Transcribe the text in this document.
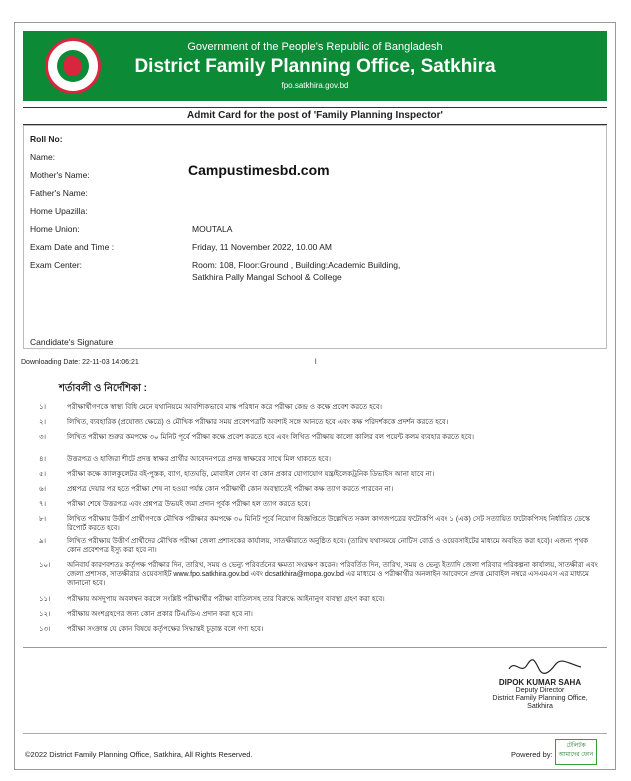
Government of the People's Republic of Bangladesh
District Family Planning Office, Satkhira
fpo.satkhira.gov.bd
Admit Card for the post of 'Family Planning Inspector'
Roll No:
Name:
Mother's Name:
Father's Name:
Home Upazilla:
Home Union:	MOUTALA
Exam Date and Time :	Friday, 11 November 2022, 10.00 AM
Exam Center:	Room: 108, Floor:Ground , Building:Academic Building,
Satkhira Pally Mangal School & College
Campustimesbd.com
Candidate's Signature
Downloading Date: 22-11-03 14:06:21	l
শর্তাবলী ও নির্দেশিকা :
১।	পরীক্ষার্থীগণকে স্বাস্থ্য বিধি মেনে যথানিয়মে আবশ্যিকভাবে মাস্ক পরিধান করে পরীক্ষা কেন্দ্র ও কক্ষে প্রবেশ করতে হবে।
২।	লিখিত, ব্যবহারিক (প্রযোজ্য ক্ষেত্রে) ও মৌখিক পরীক্ষার সময় প্রবেশপত্রটি অবশ্যই সঙ্গে আনতে হবে এবং কক্ষ পরিদর্শককে প্রদর্শন করতে হবে।
৩।	লিখিত পরীক্ষা শুরুর কমপক্ষে ৩০ মিনিট পূর্বে পরীক্ষা কক্ষে প্রবেশ করতে হবে এবং লিখিত পরীক্ষায় কালো কালির বল পয়েন্ট কলম ব্যবহার করতে হবে।
৪।	উত্তরপত্র ও হাজিরা শীটে প্রদত্ত স্বাক্ষর প্রার্থীর আবেদনপত্রে প্রদত্ত স্বাক্ষরের সাথে মিল থাকতে হবে।
৫।	পরীক্ষা কক্ষে ক্যালকুলেটর বই-পুস্তক, ব্যাগ, হাতঘড়ি, মোবাইল ফোন বা কোন প্রকার যোগাযোগ যন্ত্র/ইলেকট্রনিক ডিভাইস আনা যাবে না।
৬।	প্রশ্নপত্র দেয়ার পর হতে পরীক্ষা শেষ না হওয়া পর্যন্ত কোন পরীক্ষার্থী কোন অবস্থাতেই পরীক্ষা কক্ষ ত্যাগ করতে পারবেন না।
৭।	পরীক্ষা শেষে উত্তরপত্র এবং প্রশ্নপত্র উভয়ই জমা প্রদান পূর্বক পরীক্ষা হল ত্যাগ করতে হবে।
৮।	লিখিত পরীক্ষায় উত্তীর্ণ প্রার্থীগণকে মৌখিক পরীক্ষার কমপক্ষে ৩০ মিনিট পূর্বে নিয়োগ বিজ্ঞপ্তিতে উল্লেখিত সকল কাগজপত্রের ফটোকপি এবং ১ (এক) সেট সত্যায়িত ফটোকপিসহ নির্ধারিত ডেস্কে রিপোর্ট করতে হবে।
৯।	লিখিত পরীক্ষায় উত্তীর্ণ প্রার্থীদের মৌখিক পরীক্ষা জেলা প্রশাসকের কার্যালয়, সাতক্ষীরাতে অনুষ্ঠিত হবে। (তারিখ যথাসময়ে নোটিস বোর্ড ও ওয়েবসাইটের মাধ্যমে অবহিত করা হবে)। এজন্য পৃথক কোন প্রবেশপত্র ইস্যু করা হবে না।
১০।	অনিবার্য কারণবশতঃ কর্তৃপক্ষ পরীক্ষার দিন, তারিখ, সময় ও ভেন্যু পরিবর্তনের ক্ষমতা সংরক্ষণ করেন। পরিবর্তিত দিন, তারিখ, সময় ও ভেন্যু ইত্যাদি জেলা পরিবার পরিকল্পনা কার্যালয়, সাতক্ষীরা এবং জেলা প্রশাসক, সাতক্ষীরার ওয়েবসাইট www.fpo.satkhira.gov.bd এবং dcsatkhira@mopa.gov.bd এর মাধ্যমে ও পরীক্ষার্থীর অনলাইন আবেদনে প্রদত্ত মোবাইল নম্বরে এসএমএস এর মাধ্যমে জানানো হবে।
১১।	পরীক্ষায় অসদুপায় অবলম্বন করলে সংশ্লিষ্ট পরীক্ষার্থীর পরীক্ষা বাতিলসহ তার বিরুদ্ধে আইনানুগ ব্যবস্থা গ্রহণ করা হবে।
১২।	পরীক্ষায় অংশগ্রহণের জন্য কোন প্রকার টিএ/ডিএ প্রদান করা হবে না।
১৩।	পরীক্ষা সংক্রান্ত যে কোন বিষয়ে কর্তৃপক্ষের সিদ্ধান্তই চূড়ান্ত বলে গণ্য হবে।
DIPOK KUMAR SAHA
Deputy Director
District Family Planning Office,
Satkhira
©2022 District Family Planning Office, Satkhira, All Rights Reserved.	Powered by:
টেলিটক
আমাদের ফোন
